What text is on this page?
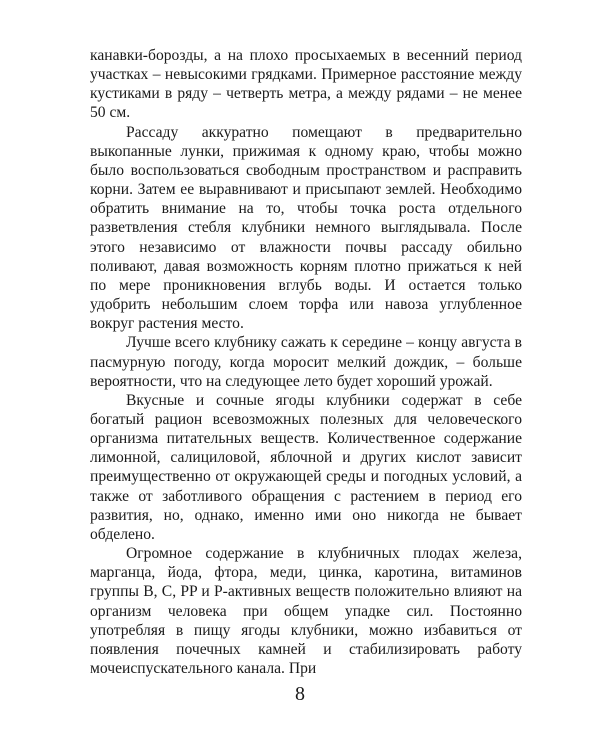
канавки-борозды, а на плохо просыхаемых в весенний период участках – невысокими грядками. Примерное расстояние между кустиками в ряду – четверть метра, а между рядами – не менее 50 см.

Рассаду аккуратно помещают в предварительно выкопанные лунки, прижимая к одному краю, чтобы можно было воспользоваться свободным пространством и расправить корни. Затем ее выравнивают и присыпают землей. Необходимо обратить внимание на то, чтобы точка роста отдельного разветвления стебля клубники немного выглядывала. После этого независимо от влажности почвы рассаду обильно поливают, давая возможность корням плотно прижаться к ней по мере проникновения вглубь воды. И остается только удобрить небольшим слоем торфа или навоза углубленное вокруг растения место.

Лучше всего клубнику сажать к середине – концу августа в пасмурную погоду, когда моросит мелкий дождик, – больше вероятности, что на следующее лето будет хороший урожай.

Вкусные и сочные ягоды клубники содержат в себе богатый рацион всевозможных полезных для человеческого организма питательных веществ. Количественное содержание лимонной, салициловой, яблочной и других кислот зависит преимущественно от окружающей среды и погодных условий, а также от заботливого обращения с растением в период его развития, но, однако, именно ими оно никогда не бывает обделено.

Огромное содержание в клубничных плодах железа, марганца, йода, фтора, меди, цинка, каротина, витаминов группы B, C, PP и P-активных веществ положительно влияют на организм человека при общем упадке сил. Постоянно употребляя в пищу ягоды клубники, можно избавиться от появления почечных камней и стабилизировать работу мочеиспускательного канала. При

8
